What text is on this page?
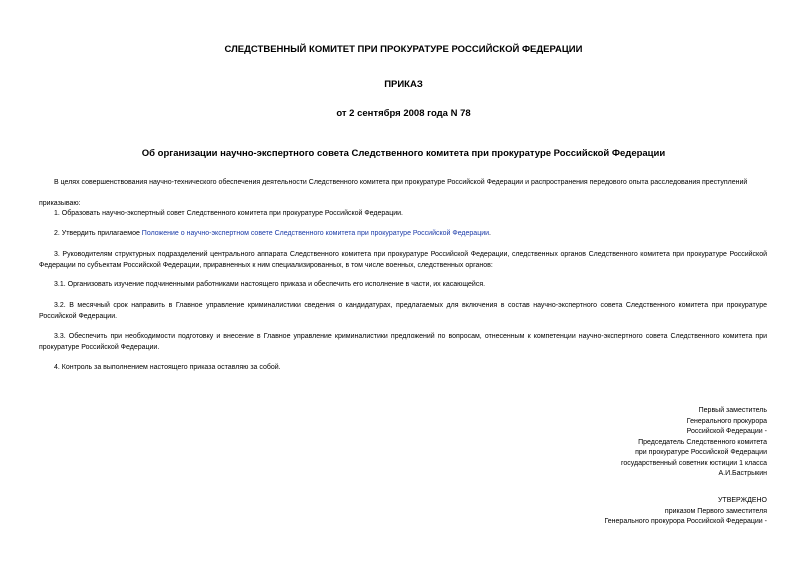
СЛЕДСТВЕННЫЙ КОМИТЕТ ПРИ ПРОКУРАТУРЕ РОССИЙСКОЙ ФЕДЕРАЦИИ
ПРИКАЗ
от 2 сентября 2008 года N 78
Об организации научно-экспертного совета Следственного комитета при прокуратуре Российской Федерации
В целях совершенствования научно-технического обеспечения деятельности Следственного комитета при прокуратуре Российской Федерации и распространения передового опыта расследования преступлений
приказываю:
1. Образовать научно-экспертный совет Следственного комитета при прокуратуре Российской Федерации.
2. Утвердить прилагаемое Положение о научно-экспертном совете Следственного комитета при прокуратуре Российской Федерации.
3. Руководителям структурных подразделений центрального аппарата Следственного комитета при прокуратуре Российской Федерации, следственных органов Следственного комитета при прокуратуре Российской Федерации по субъектам Российской Федерации, приравненных к ним специализированных, в том числе военных, следственных органов:
3.1. Организовать изучение подчиненными работниками настоящего приказа и обеспечить его исполнение в части, их касающейся.
3.2. В месячный срок направить в Главное управление криминалистики сведения о кандидатурах, предлагаемых для включения в состав научно-экспертного совета Следственного комитета при прокуратуре Российской Федерации.
3.3. Обеспечить при необходимости подготовку и внесение в Главное управление криминалистики предложений по вопросам, отнесенным к компетенции научно-экспертного совета Следственного комитета при прокуратуре Российской Федерации.
4. Контроль за выполнением настоящего приказа оставляю за собой.
Первый заместитель
Генерального прокурора
Российской Федерации -
Председатель Следственного комитета
при прокуратуре Российской Федерации
государственный советник юстиции 1 класса
А.И.Бастрыкин
УТВЕРЖДЕНО
приказом Первого заместителя
Генерального прокурора Российской Федерации -
